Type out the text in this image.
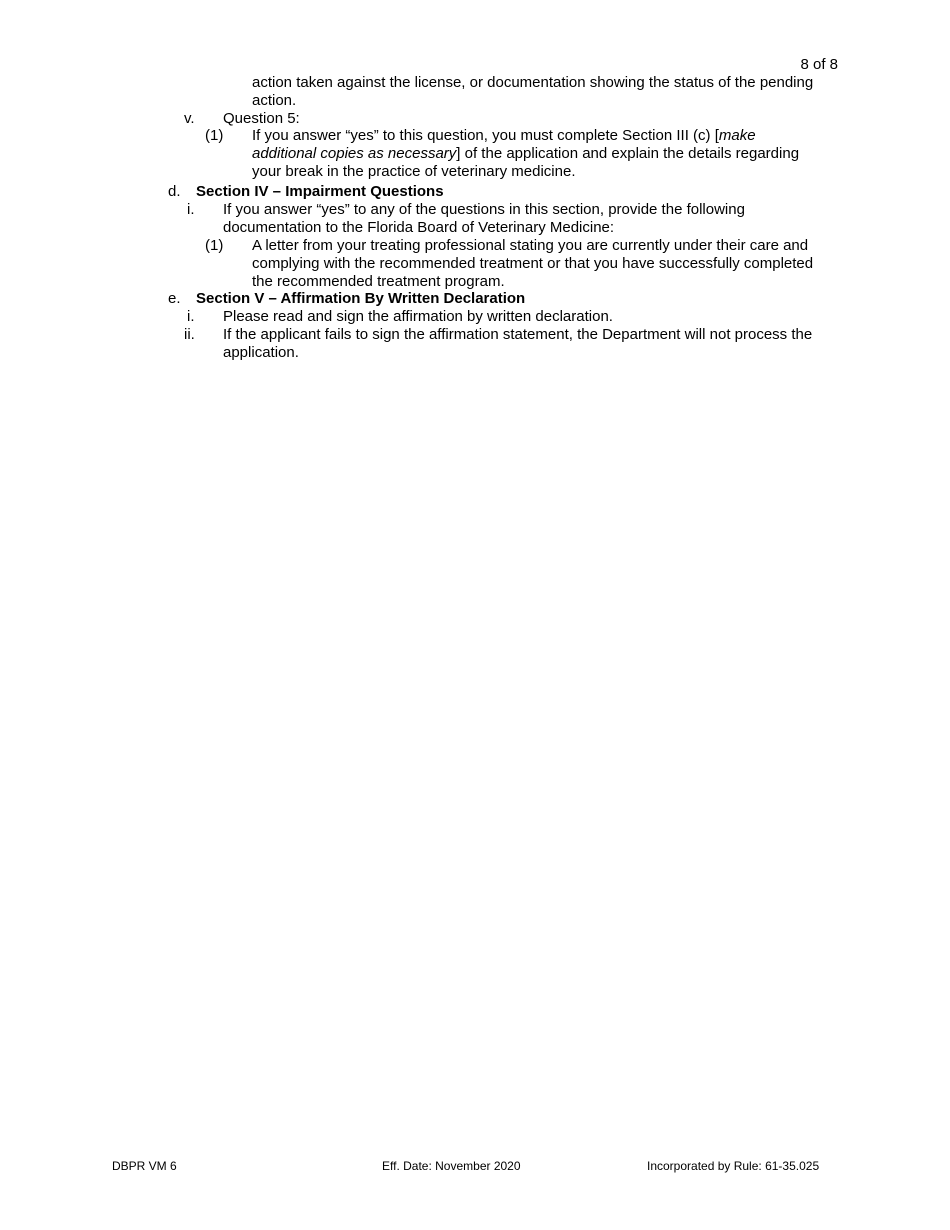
8 of 8
action taken against the license, or documentation showing the status of the pending
action.
v. Question 5:
(1) If you answer “yes” to this question, you must complete Section III (c) [make
additional copies as necessary] of the application and explain the details regarding
your break in the practice of veterinary medicine.
d. Section IV – Impairment Questions
i. If you answer “yes” to any of the questions in this section, provide the following
documentation to the Florida Board of Veterinary Medicine:
(1) A letter from your treating professional stating you are currently under their care and
complying with the recommended treatment or that you have successfully completed
the recommended treatment program.
e. Section V – Affirmation By Written Declaration
i. Please read and sign the affirmation by written declaration.
ii. If the applicant fails to sign the affirmation statement, the Department will not process the
application.
DBPR VM 6	Eff. Date: November 2020	Incorporated by Rule: 61-35.025
